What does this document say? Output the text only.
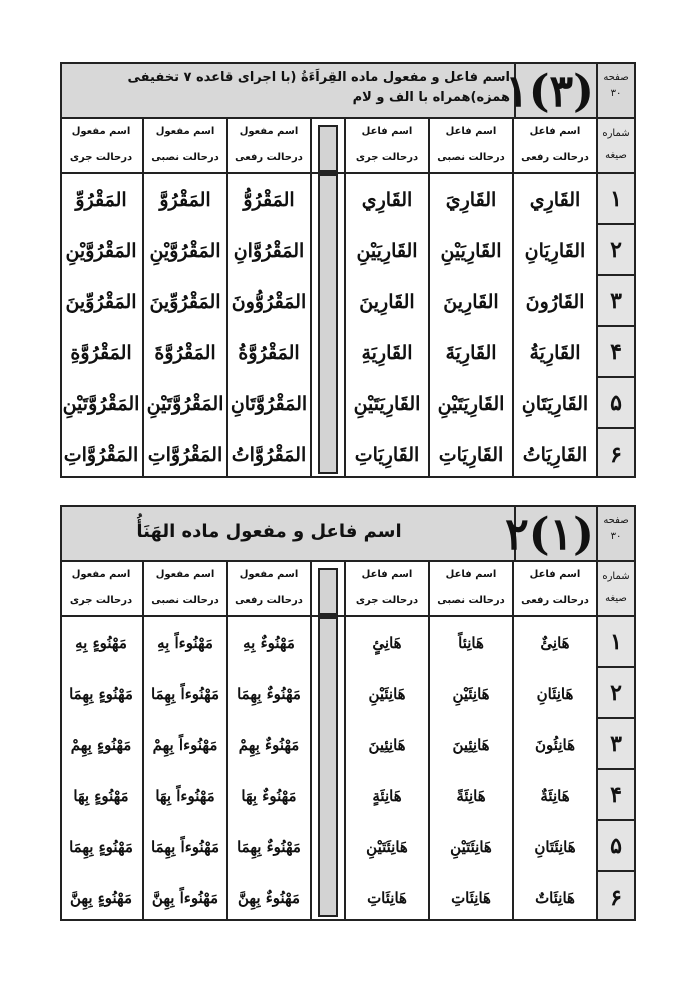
صفحه
۳۰
(۳)۱
اسم فاعل و مفعول ماده القِراَءَةُ (با اجرای قاعده ۷ تخفیفی همزه)همراه با الف و لام
شماره
صیغه
اسم فاعل
درحالت رفعی
اسم فاعل
درحالت نصبی
اسم فاعل
درحالت جری
اسم مفعول
درحالت رفعی
اسم مفعول
درحالت نصبی
اسم مفعول
درحالت جری
۱
۲
۳
۴
۵
۶
القَارِي
القَارِيَانِ
القَارُونَ
القَارِيَةُ
القَارِيَتَانِ
القَارِيَاتُ
القَارِيَ
القَارِيَيْنِ
القَارِينَ
القَارِيَةَ
القَارِيَتَيْنِ
القَارِيَاتِ
القَارِي
القَارِيَيْنِ
القَارِينَ
القَارِيَةِ
القَارِيَتَيْنِ
القَارِيَاتِ
المَقْرُوُّ
المَقْرُوَّانِ
المَقْرُوُّونَ
المَقْرُوَّةُ
المَقْرُوَّتَانِ
المَقْرُوَّاتُ
المَقْرُوَّ
المَقْرُوَّيْنِ
المَقْرُوِّينَ
المَقْرُوَّةَ
المَقْرُوَّتَيْنِ
المَقْرُوَّاتِ
المَقْرُوِّ
المَقْرُوَّيْنِ
المَقْرُوِّينَ
المَقْرُوَّةِ
المَقْرُوَّتَيْنِ
المَقْرُوَّاتِ
صفحه
۳۰
(۱)۲
اسم فاعل و مفعول ماده الهَنَأُ
شماره
صیغه
اسم فاعل
درحالت رفعی
اسم فاعل
درحالت نصبی
اسم فاعل
درحالت جری
اسم مفعول
درحالت رفعی
اسم مفعول
درحالت نصبی
اسم مفعول
درحالت جری
۱
۲
۳
۴
۵
۶
هَانِئٌ
هَانِئَانِ
هَانِئُونَ
هَانِئَةٌ
هَانِئَتَانِ
هَانِئَاتٌ
هَانِئاً
هَانِئَيْنِ
هَانِئِينَ
هَانِئَةً
هَانِئَتَيْنِ
هَانِئَاتِ
هَانِئٍ
هَانِئَيْنِ
هَانِئِينَ
هَانِئَةٍ
هَانِئَتَيْنِ
هَانِئَاتِ
مَهْنُوءٌ بِهِ
مَهْنُوءٌ بِهِمَا
مَهْنُوءٌ بِهِمْ
مَهْنُوءٌ بِهَا
مَهْنُوءٌ بِهِمَا
مَهْنُوءٌ بِهِنَّ
مَهْنُوءاً بِهِ
مَهْنُوءاً بِهِمَا
مَهْنُوءاً بِهِمْ
مَهْنُوءاً بِهَا
مَهْنُوءاً بِهِمَا
مَهْنُوءاً بِهِنَّ
مَهْنُوءٍ بِهِ
مَهْنُوءٍ بِهِمَا
مَهْنُوءٍ بِهِمْ
مَهْنُوءٍ بِهَا
مَهْنُوءٍ بِهِمَا
مَهْنُوءٍ بِهِنَّ
